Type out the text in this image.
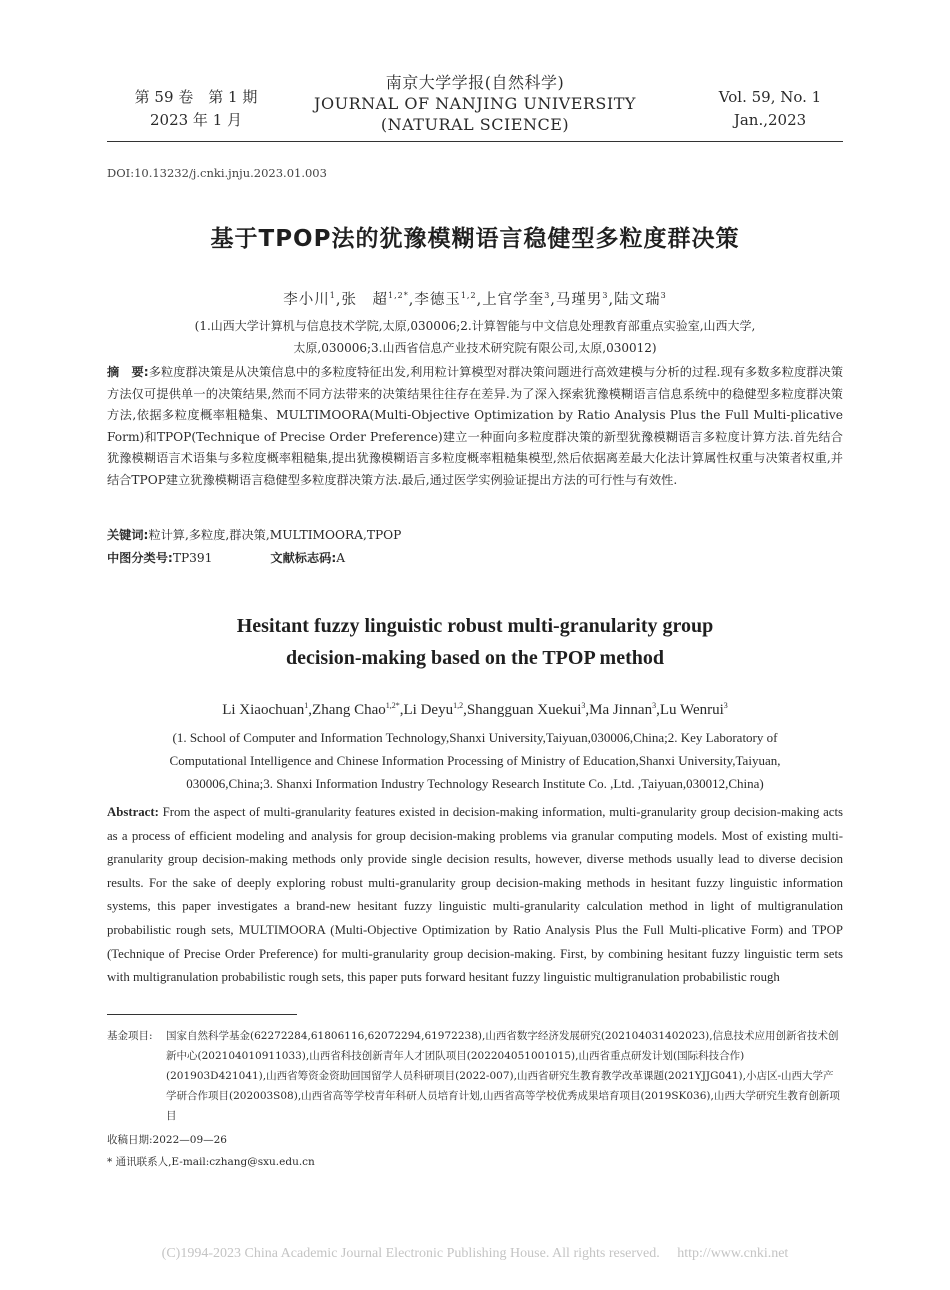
第 59 卷　第 1 期
2023 年 1 月
南京大学学报(自然科学)
JOURNAL OF NANJING UNIVERSITY
(NATURAL SCIENCE)
Vol. 59, No. 1
Jan.,2023
DOI:10.13232/j.cnki.jnju.2023.01.003
基于TPOP法的犹豫模糊语言稳健型多粒度群决策
李小川$^1$,张　超$^{1,2*}$,李德玉$^{1,2}$,上官学奎$^3$,马瑾男$^3$,陆文瑞$^3$
(1.山西大学计算机与信息技术学院,太原,030006;2.计算智能与中文信息处理教育部重点实验室,山西大学,
太原,030006;3.山西省信息产业技术研究院有限公司,太原,030012)
摘　要:多粒度群决策是从决策信息中的多粒度特征出发,利用粒计算模型对群决策问题进行高效建模与分析的过程.现有多数多粒度群决策方法仅可提供单一的决策结果,然而不同方法带来的决策结果往往存在差异.为了深入探索犹豫模糊语言信息系统中的稳健型多粒度群决策方法,依据多粒度概率粗糙集、MULTIMOORA(Multi-Objective Optimization by Ratio Analysis Plus the Full Multi-plicative Form)和TPOP(Technique of Precise Order Preference)建立一种面向多粒度群决策的新型犹豫模糊语言多粒度计算方法.首先结合犹豫模糊语言术语集与多粒度概率粗糙集,提出犹豫模糊语言多粒度概率粗糙集模型,然后依据离差最大化法计算属性权重与决策者权重,并结合TPOP建立犹豫模糊语言稳健型多粒度群决策方法.最后,通过医学实例验证提出方法的可行性与有效性.
关键词:粒计算,多粒度,群决策,MULTIMOORA,TPOP
中图分类号:TP391	文献标志码:A
Hesitant fuzzy linguistic robust multi-granularity group
decision-making based on the TPOP method
Li Xiaochuan$^1$,Zhang Chao$^{1,2*}$,Li Deyu$^{1,2}$,Shangguan Xuekui$^3$,Ma Jinnan$^3$,Lu Wenrui$^3$
(1. School of Computer and Information Technology,Shanxi University,Taiyuan,030006,China;2. Key Laboratory of
Computational Intelligence and Chinese Information Processing of Ministry of Education,Shanxi University,Taiyuan,
030006,China;3. Shanxi Information Industry Technology Research Institute Co. ,Ltd. ,Taiyuan,030012,China)
Abstract: From the aspect of multi-granularity features existed in decision-making information, multi-granularity group decision-making acts as a process of efficient modeling and analysis for group decision-making problems via granular computing models. Most of existing multi-granularity group decision-making methods only provide single decision results, however, diverse methods usually lead to diverse decision results. For the sake of deeply exploring robust multi-granularity group decision-making methods in hesitant fuzzy linguistic information systems, this paper investigates a brand-new hesitant fuzzy linguistic multi-granularity calculation method in light of multigranulation probabilistic rough sets, MULTIMOORA (Multi-Objective Optimization by Ratio Analysis Plus the Full Multi-plicative Form) and TPOP (Technique of Precise Order Preference) for multi-granularity group decision-making. First, by combining hesitant fuzzy linguistic term sets with multigranulation probabilistic rough sets, this paper puts forward hesitant fuzzy linguistic multigranulation probabilistic rough
基金项目: 国家自然科学基金(62272284,61806116,62072294,61972238),山西省数字经济发展研究(202104031402023),信息技术应用创新省技术创新中心(2021040109110​33),山西省科技创新青年人才团队项目(202204051001015),山西省重点研发计划(国际科技合作)(201903D421041),山西省筹资金资助回国留学人员科研项目(2022-007),山西省研究生教育教学改革课题(2021YJJG041),小店区-山西大学产学研合作项目(202003S08),山西省高等学校青年科研人员培育计划,山西省高等学校优秀成果培育项目(2019SK036),山西大学研究生教育创新项目
收稿日期:2022—09—26
* 通讯联系人,E-mail:czhang@sxu.edu.cn
(C)1994-2023 China Academic Journal Electronic Publishing House. All rights reserved.　 http://www.cnki.net
